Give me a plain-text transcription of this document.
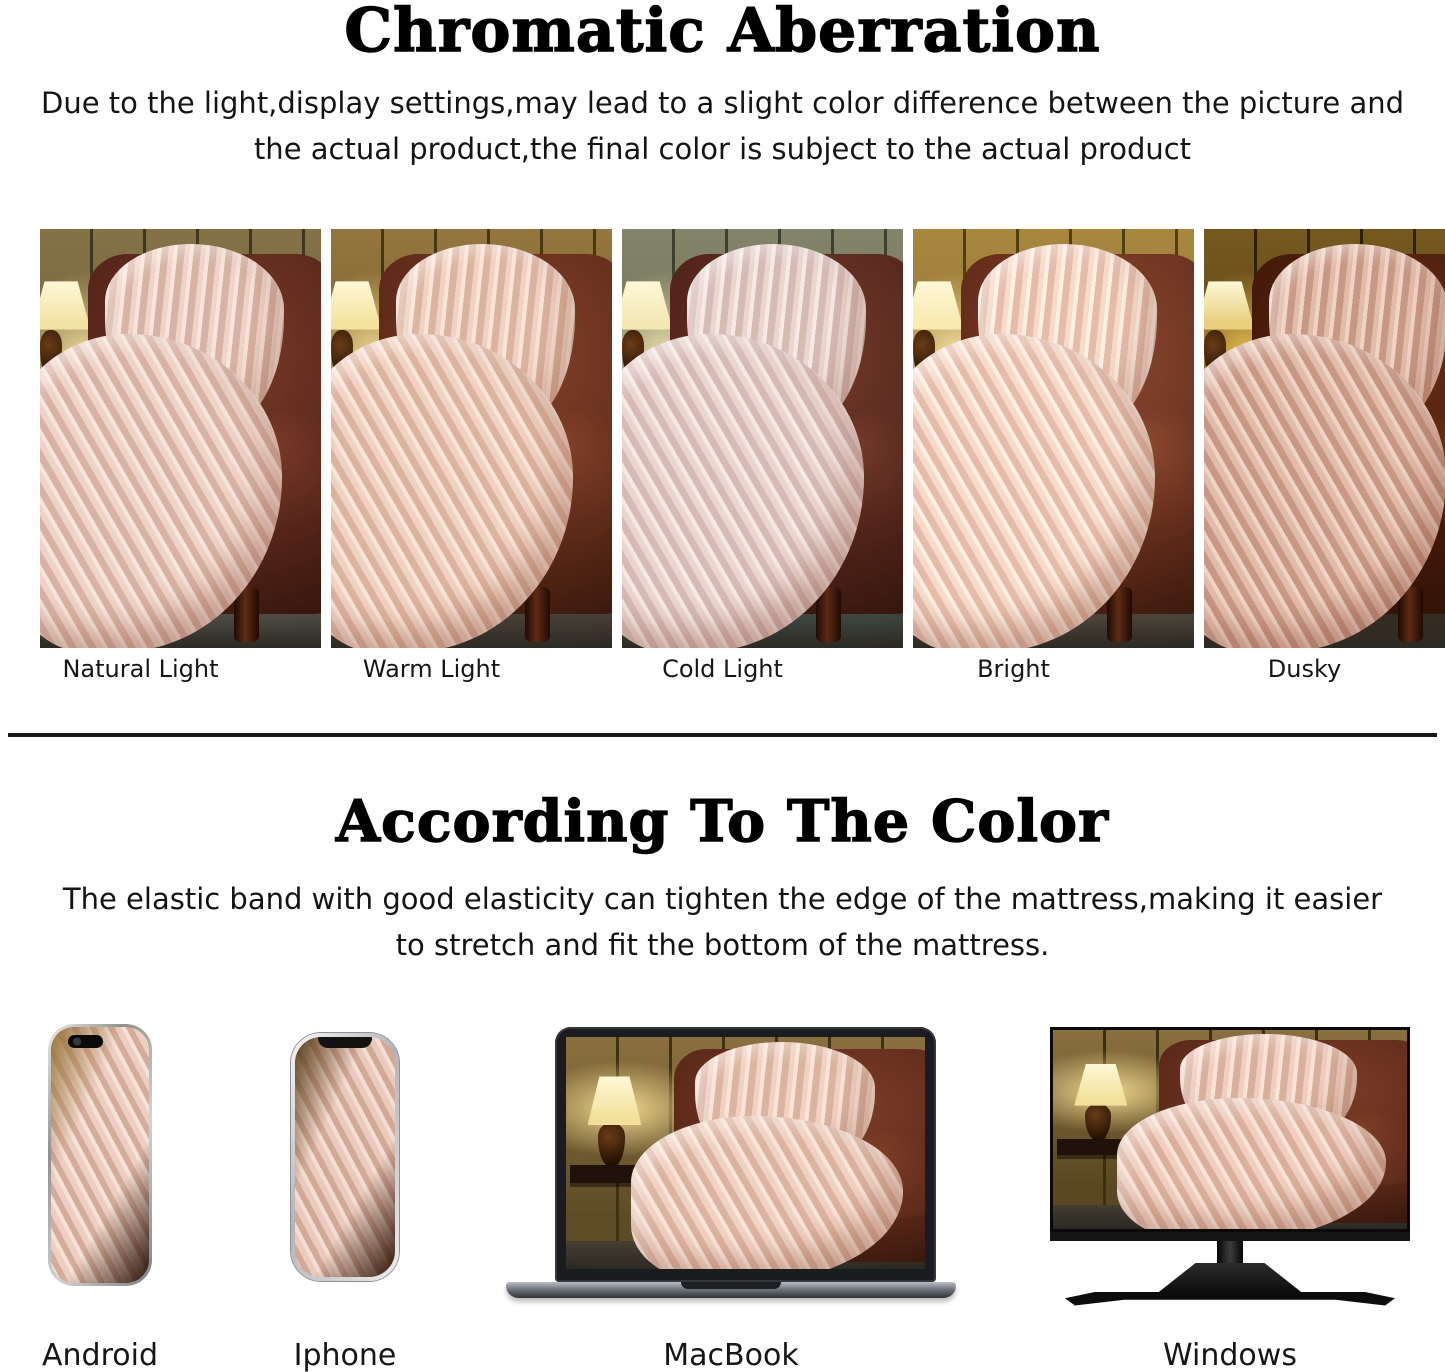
Chromatic Aberration
Due to the light,display settings,may lead to a slight color difference between the picture and
the actual product,the final color is subject to the actual product
Natural Light	Warm Light	Cold Light	Bright	Dusky
According To The Color
The elastic band with good elasticity can tighten the edge of the mattress,making it easier
to stretch and fit the bottom of the mattress.
Android	Iphone	MacBook	Windows
